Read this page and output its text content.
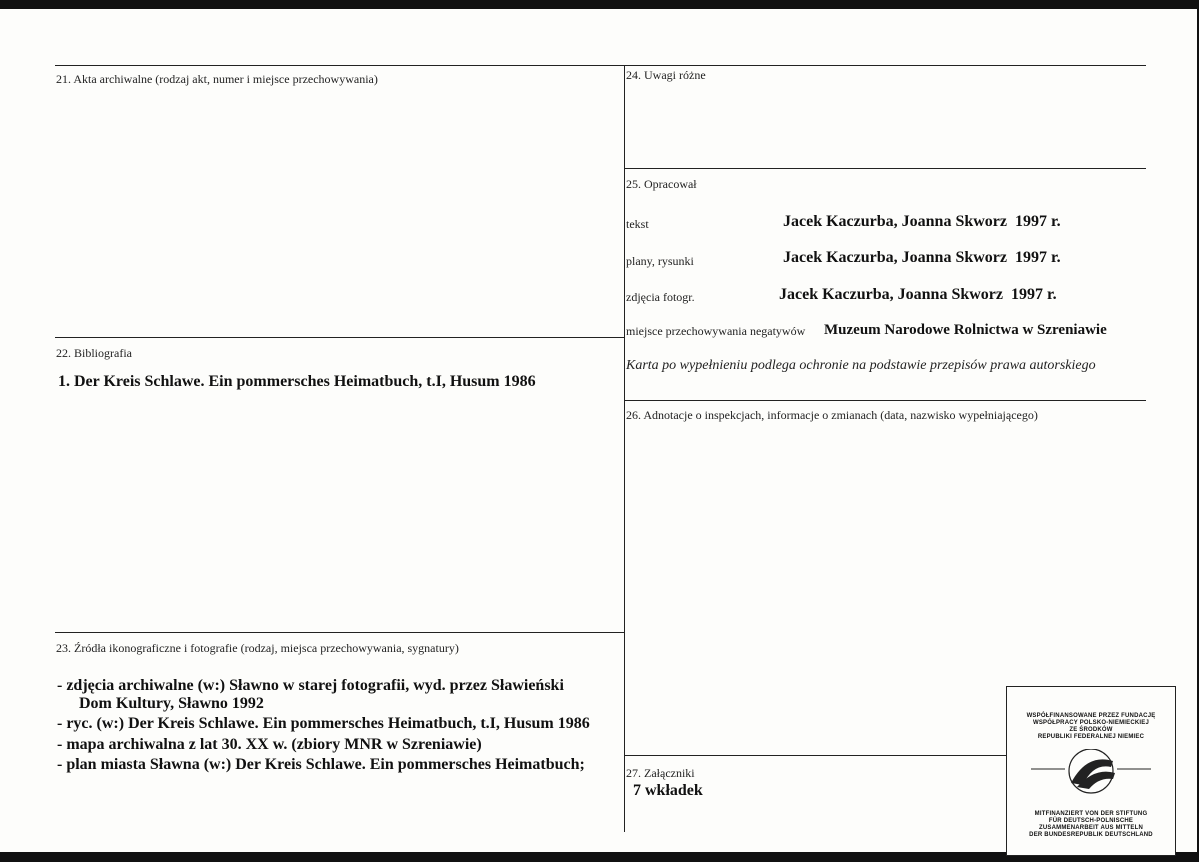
21. Akta archiwalne (rodzaj akt, numer i miejsce przechowywania)
22. Bibliografia
1. Der Kreis Schlawe. Ein pommersches Heimatbuch, t.I, Husum 1986
23. Źródła ikonograficzne i fotografie (rodzaj, miejsca przechowywania, sygnatury)
- zdjęcia archiwalne (w:) Sławno w starej fotografii, wyd. przez Sławieński
Dom Kultury, Sławno 1992
- ryc. (w:) Der Kreis Schlawe. Ein pommersches Heimatbuch, t.I, Husum 1986
- mapa archiwalna z lat 30. XX w. (zbiory MNR w Szreniawie)
- plan miasta Sławna (w:) Der Kreis Schlawe. Ein pommersches Heimatbuch;
24. Uwagi różne
25. Opracował
tekst	Jacek Kaczurba, Joanna Skworz  1997 r.
plany, rysunki	Jacek Kaczurba, Joanna Skworz  1997 r.
zdjęcia fotogr.	Jacek Kaczurba, Joanna Skworz  1997 r.
miejsce przechowywania negatywów Muzeum Narodowe Rolnictwa w Szreniawie
Karta po wypełnieniu podlega ochronie na podstawie przepisów prawa autorskiego
26. Adnotacje o inspekcjach, informacje o zmianach (data, nazwisko wypełniającego)
27. Załączniki
7 wkładek
WSPÓŁFINANSOWANE PRZEZ FUNDACJĘ
WSPÓŁPRACY POLSKO-NIEMIECKIEJ
ZE ŚRODKÓW
REPUBLIKI FEDERALNEJ NIEMIEC
MITFINANZIERT VON DER STIFTUNG
FÜR DEUTSCH-POLNISCHE
ZUSAMMENARBEIT AUS MITTELN
DER BUNDESREPUBLIK DEUTSCHLAND
